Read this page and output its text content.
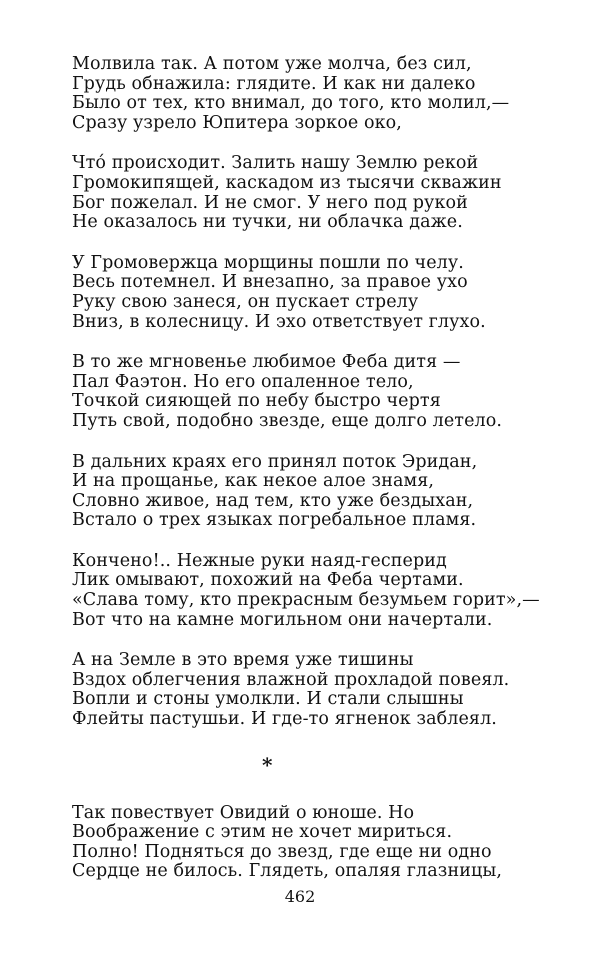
Молвила так. А потом уже молча, без сил,
Грудь обнажила: глядите. И как ни далеко
Было от тех, кто внимал, до того, кто молил,—
Сразу узрело Юпитера зоркое око,
Что́ происходит. Залить нашу Землю рекой
Громокипящей, каскадом из тысячи скважин
Бог пожелал. И не смог. У него под рукой
Не оказалось ни тучки, ни облачка даже.
У Громовержца морщины пошли по челу.
Весь потемнел. И внезапно, за правое ухо
Руку свою занеся, он пускает стрелу
Вниз, в колесницу. И эхо ответствует глухо.
В то же мгновенье любимое Феба дитя —
Пал Фаэтон. Но его опаленное тело,
Точкой сияющей по небу быстро чертя
Путь свой, подобно звезде, еще долго летело.
В дальних краях его принял поток Эридан,
И на прощанье, как некое алое знамя,
Словно живое, над тем, кто уже бездыхан,
Встало о трех языках погребальное пламя.
Кончено!.. Нежные руки наяд-гесперид
Лик омывают, похожий на Феба чертами.
«Слава тому, кто прекрасным безумьем горит»,—
Вот что на камне могильном они начертали.
А на Земле в это время уже тишины
Вздох облегчения влажной прохладой повеял.
Вопли и стоны умолкли. И стали слышны
Флейты пастушьи. И где-то ягненок заблеял.
*
Так повествует Овидий о юноше. Но
Воображение с этим не хочет мириться.
Полно! Подняться до звезд, где еще ни одно
Сердце не билось. Глядеть, опаляя глазницы,
462
